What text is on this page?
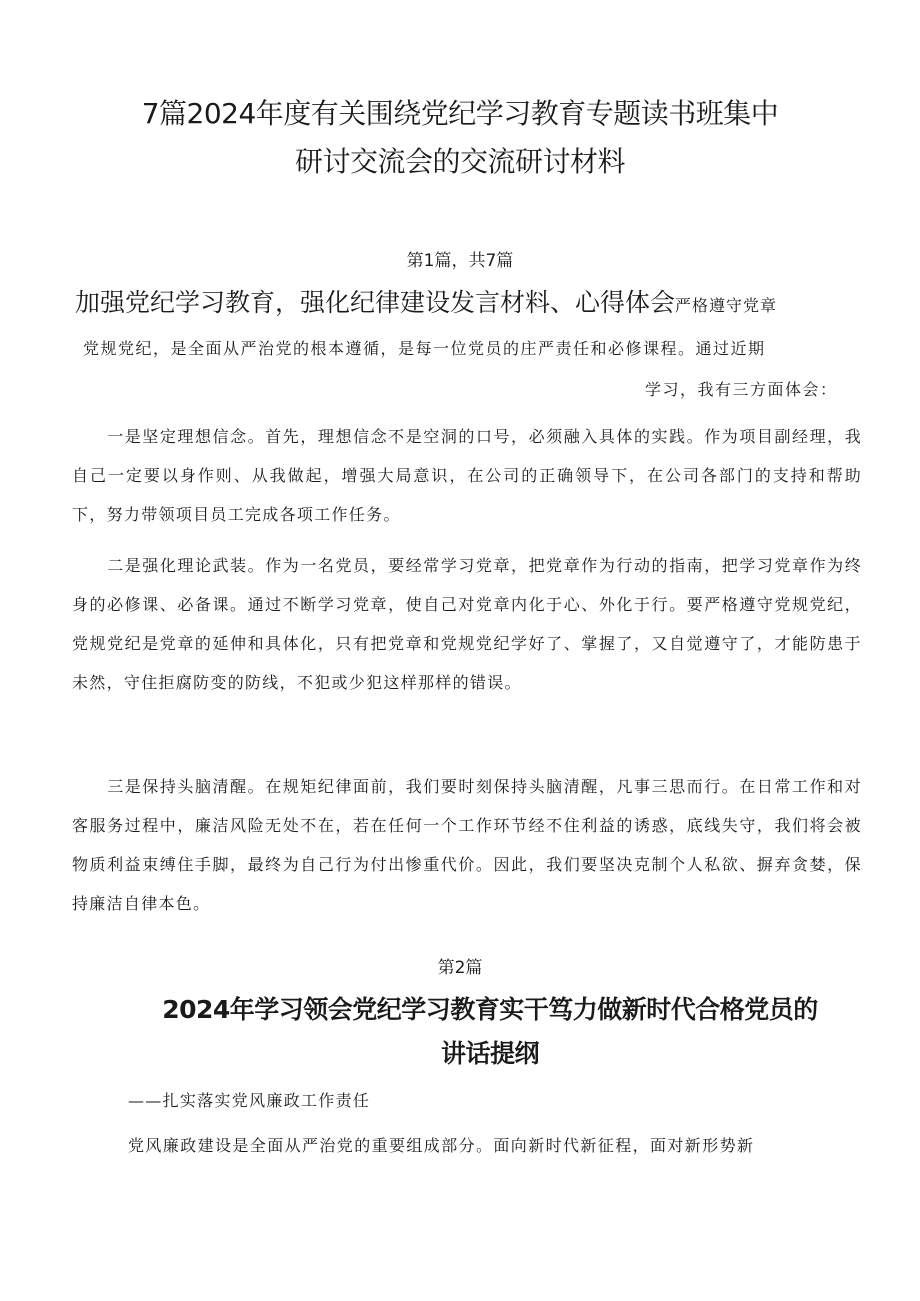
7篇2024年度有关围绕党纪学习教育专题读书班集中
研讨交流会的交流研讨材料
第1篇，共7篇
加强党纪学习教育，强化纪律建设发言材料、心得体会严格遵守党章
党规党纪，是全面从严治党的根本遵循，是每一位党员的庄严责任和必修课程。通过近期
学习，我有三方面体会：

一是坚定理想信念。首先，理想信念不是空洞的口号，必须融入具体的实践。作为项目副经理，我自己一定要以身作则、从我做起，增强大局意识，在公司的正确领导下，在公司各部门的支持和帮助下，努力带领项目员工完成各项工作任务。

二是强化理论武装。作为一名党员，要经常学习党章，把党章作为行动的指南，把学习党章作为终身的必修课、必备课。通过不断学习党章，使自己对党章内化于心、外化于行。要严格遵守党规党纪，党规党纪是党章的延伸和具体化，只有把党章和党规党纪学好了、掌握了，又自觉遵守了，才能防患于未然，守住拒腐防变的防线，不犯或少犯这样那样的错误。

三是保持头脑清醒。在规矩纪律面前，我们要时刻保持头脑清醒，凡事三思而行。在日常工作和对客服务过程中，廉洁风险无处不在，若在任何一个工作环节经不住利益的诱惑，底线失守，我们将会被物质利益束缚住手脚，最终为自己行为付出惨重代价。因此，我们要坚决克制个人私欲、摒弃贪婪，保持廉洁自律本色。

第2篇
2024年学习领会党纪学习教育实干笃力做新时代合格党员的
讲话提纲
——扎实落实党风廉政工作责任
党风廉政建设是全面从严治党的重要组成部分。面向新时代新征程，面对新形势新
